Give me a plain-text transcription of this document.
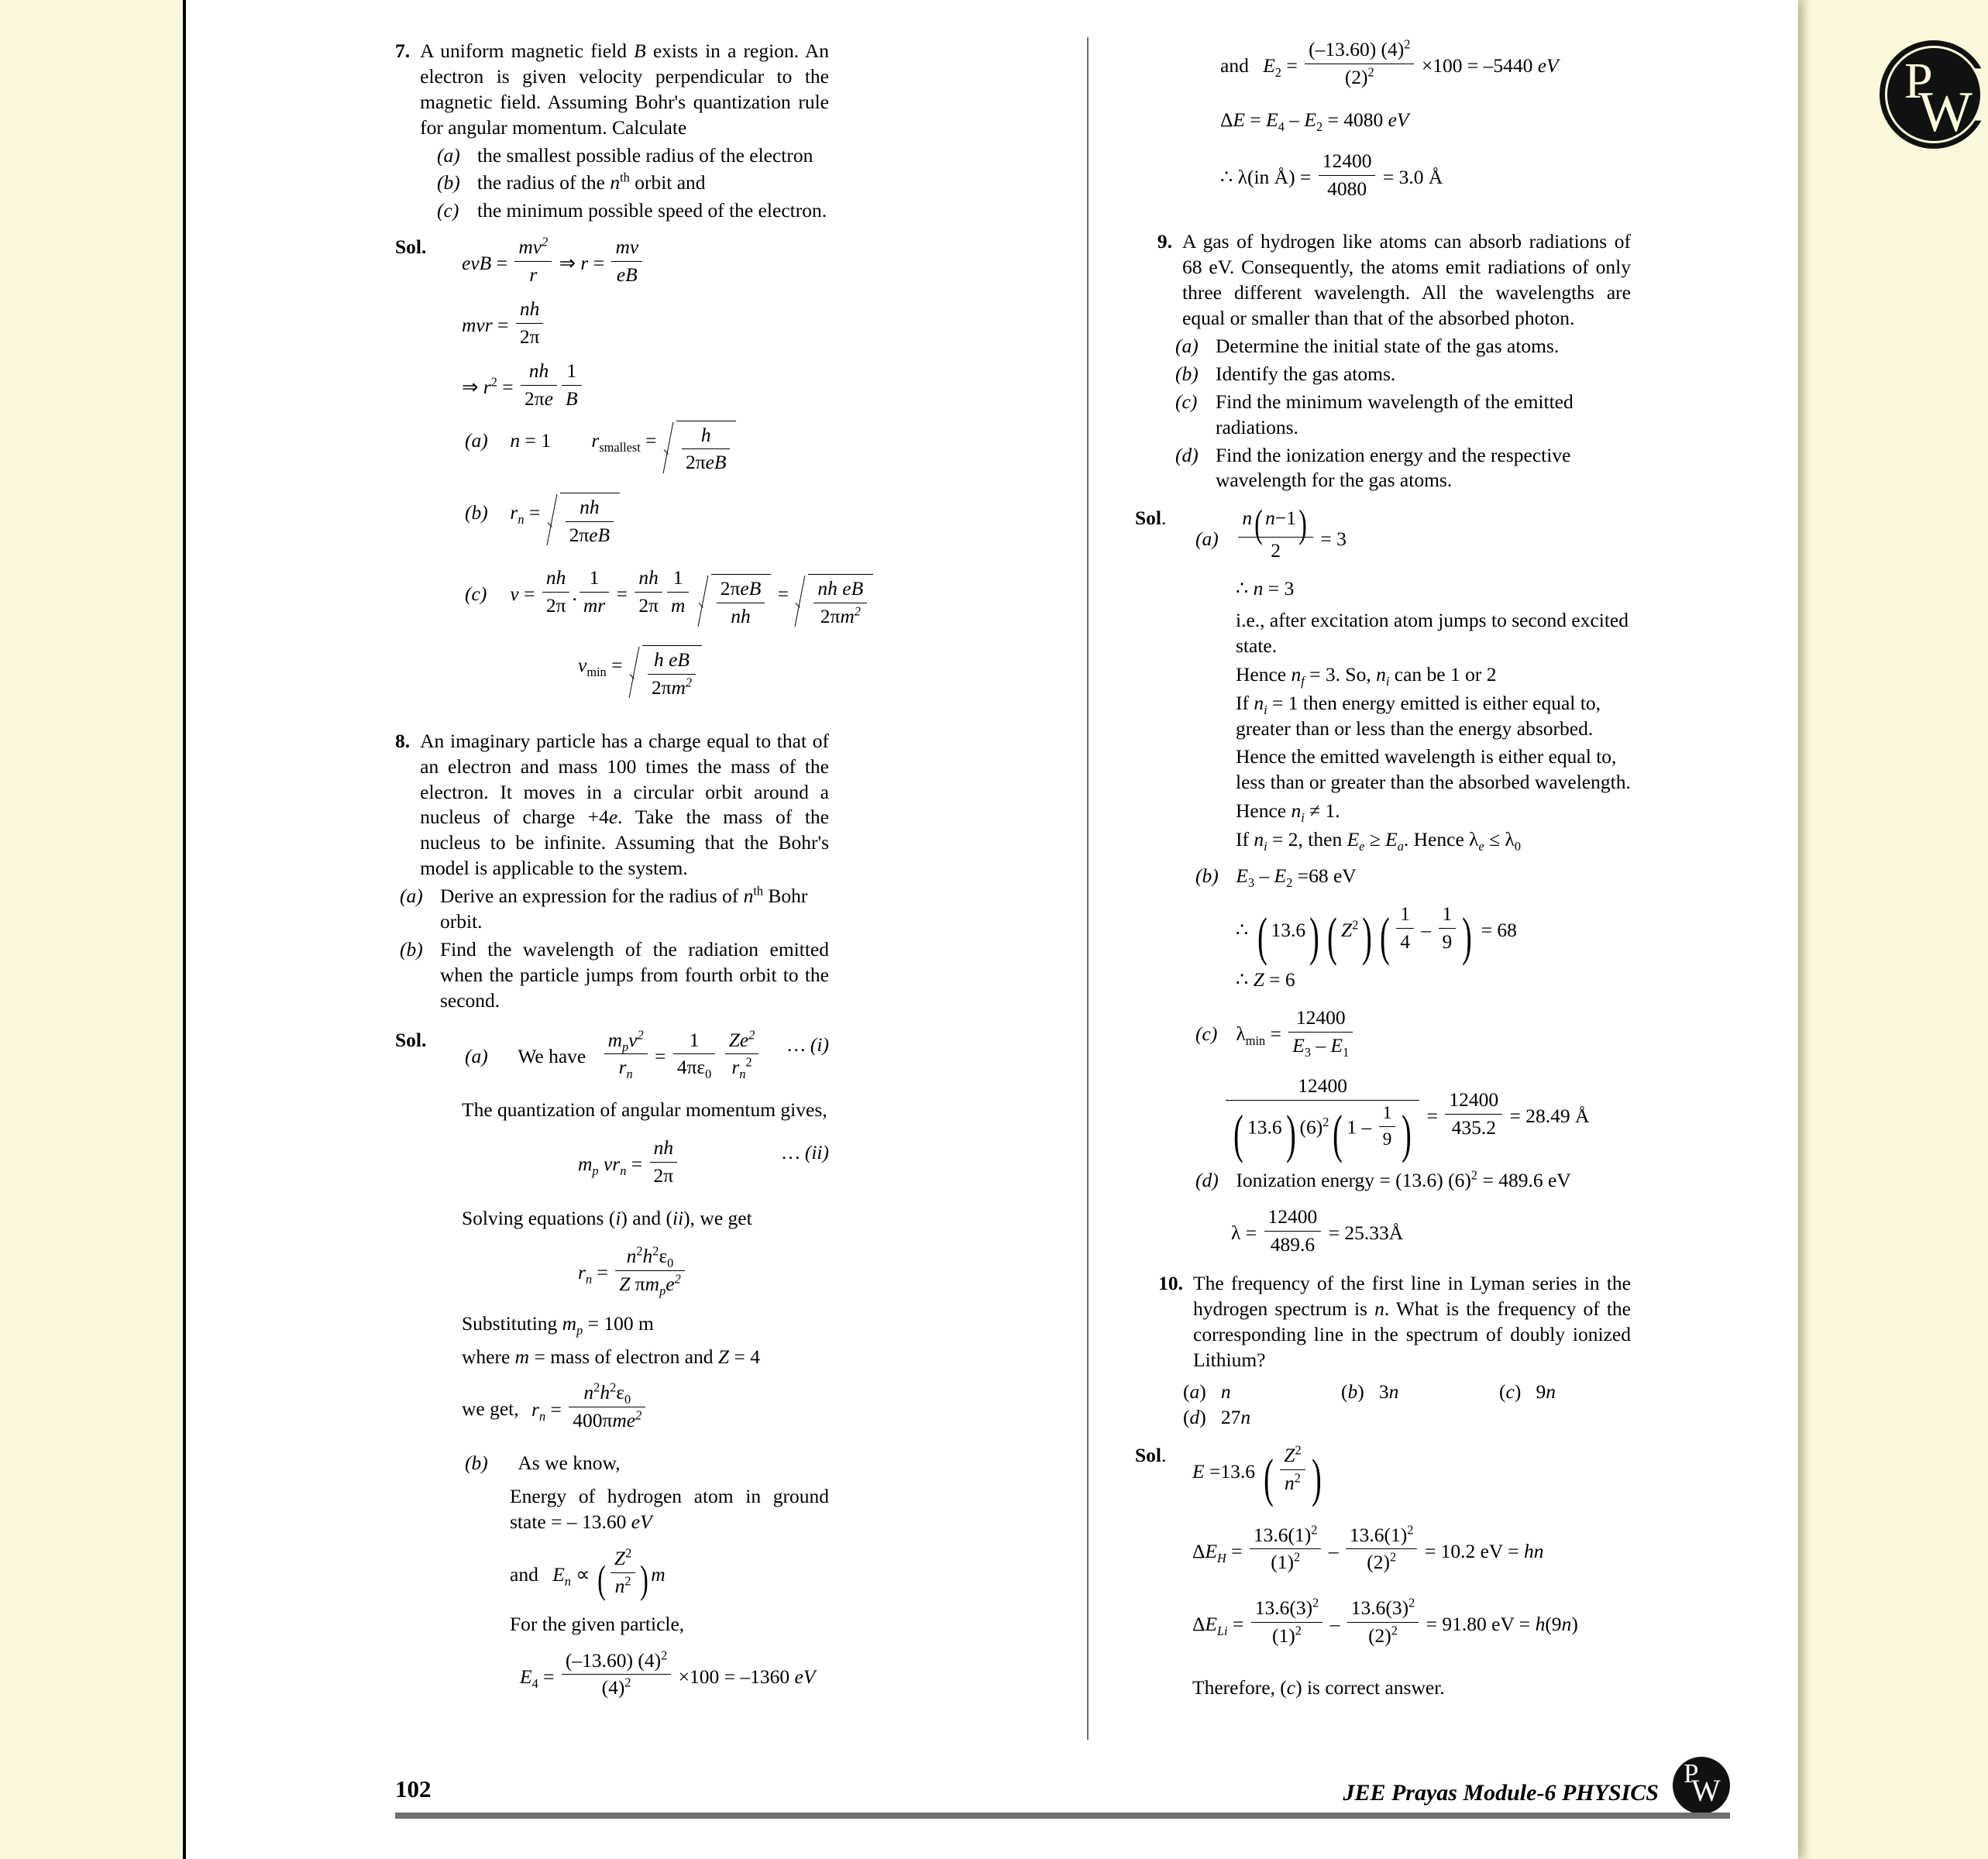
P
W
7. A uniform magnetic field B exists in a region. An electron is given velocity perpendicular to the magnetic field. Assuming Bohr's quantization rule for angular momentum. Calculate
(a) the smallest possible radius of the electron
(b) the radius of the $n^{th}$ orbit and
(c) the minimum possible speed of the electron.
Sol.
evB = $\frac{mv^2}{r}$ ⇒ $r = \frac{mv}{eB}$
mvr = $\frac{nh}{2\pi}$
⇒ $r^2 = \frac{nh}{2\pi e} \frac{1}{B}$
(a) n = 1 $r_{smallest} = \frac{h}{\text{2πeB}}$
(b) $r_n = \frac{nh}{\text{2πeB}}$
(c) $v = \frac{nh}{2\pi}$ . $\frac{1}{mr} = \frac{nh}{2\pi} \frac{1}{m}$
$\frac{\text{2πeB}}{nh} = \frac{\text{nh eB}}{2\pi m^2}$
$v_{min} = \frac{\text{h eB}}{2\pi m^2}$
8. An imaginary particle has a charge equal to that of an electron and mass 100 times the mass of the electron. It moves in a circular orbit around a nucleus of charge +4e. Take the mass of the nucleus to be infinite. Assuming that the Bohr's model is applicable to the system.
(a) Derive an expression for the radius of $n^{th}$ Bohr orbit.
(b) Find the wavelength of the radiation emitted when the particle jumps from fourth orbit to the second.
Sol.
(a) We have $\frac{m_pv^2}{r_n} = \frac{1}{4\pi\varepsilon_0}$
$\frac{Ze^2}{r_n^2}$ … (i)
The quantization of angular momentum gives,
$m_p$ $vr_n = \frac{nh}{2\pi}$	… (ii)
Solving equations (i) and (ii), we get
$r_n = \frac{n^2h^2\varepsilon_0}{Z \pi m_pe^2}$
Substituting $m_p = 100$ m
where m = mass of electron and Z = 4
we get, $r_n = \frac{n^2h^2\varepsilon_0}{400\pi me^2}$
(b) As we know,
Energy of hydrogen atom in ground state = – 13.60 eV
and $E_n$ ∝ ( $\frac{Z^2}{n^2}$ ) m
For the given particle,
$E_4 = \frac{(-13.60) (4)^2}{(4)^2} \times 100 = -1360$ eV
and $E_2 = \frac{(-13.60) (4)^2}{(2)^2} \times 100 = -5440$ eV
$\Delta E = E_4 - E_2 = 4080$ eV
∴ λ(in Å) = $\frac{12400}{4080} = 3.0$ Å
9. A gas of hydrogen like atoms can absorb radiations of 68 eV. Consequently, the atoms emit radiations of only three different wavelength. All the wavelengths are equal or smaller than that of the absorbed photon.
(a) Determine the initial state of the gas atoms.
(b) Identify the gas atoms.
(c) Find the minimum wavelength of the emitted radiations.
(d) Find the ionization energy and the respective wavelength for the gas atoms.
Sol.
$(a) \frac{n( n-1)}{2} = 3$
∴ n = 3
i.e., after excitation atom jumps to second excited state.
Hence $n_f = 3$. So, $n_i$ can be 1 or 2
If $n_i = 1$ then energy emitted is either equal to, greater than or less than the energy absorbed.
Hence the emitted wavelength is either equal to, less than or greater than the absorbed wavelength.
Hence $n_i \ne 1$.
If $n_i = 2$, then $E_e \ge E_a$. Hence $\lambda_e \le \lambda_0$
(b) $E_3 - E_2 =68$ eV
∴ ( 13.6) ( $Z^2$) ( $\frac{1}{4} - \frac{1}{9}$ ) = 68
∴ Z = 6
(c) $\lambda_{min} = \frac{12400}{E_3 - E_1}$
$\frac{12400}{( 13.6) (6)^2( 1 - \frac{1}{9} )} = \frac{12400}{435.2} = 28.49$ Å
(d) Ionization energy = (13.6) $(6)^2 = 489.6$ eV
$\lambda = \frac{12400}{489.6}$ = 25.33Å
10. The frequency of the first line in Lyman series in the hydrogen spectrum is n. What is the frequency of the corresponding line in the spectrum of doubly ionized Lithium?
(a)   n	(b)   3n	(c)   9n (d)   27n
Sol.
E =13.6 ( $\frac{Z^2}{n^2}$ )
$\Delta E_H = \frac{13.6(1)^2}{(1)^2} - \frac{13.6(1)^2}{(2)^2} = 10.2$ eV = hn
$\Delta E_{Li} = \frac{13.6(3)^2}{(1)^2} - \frac{13.6(3)^2}{(2)^2} = 91.80$ eV = h(9n)
Therefore, (c) is correct answer.
102	JEE Prayas Module-6 PHYSICS
P
W
